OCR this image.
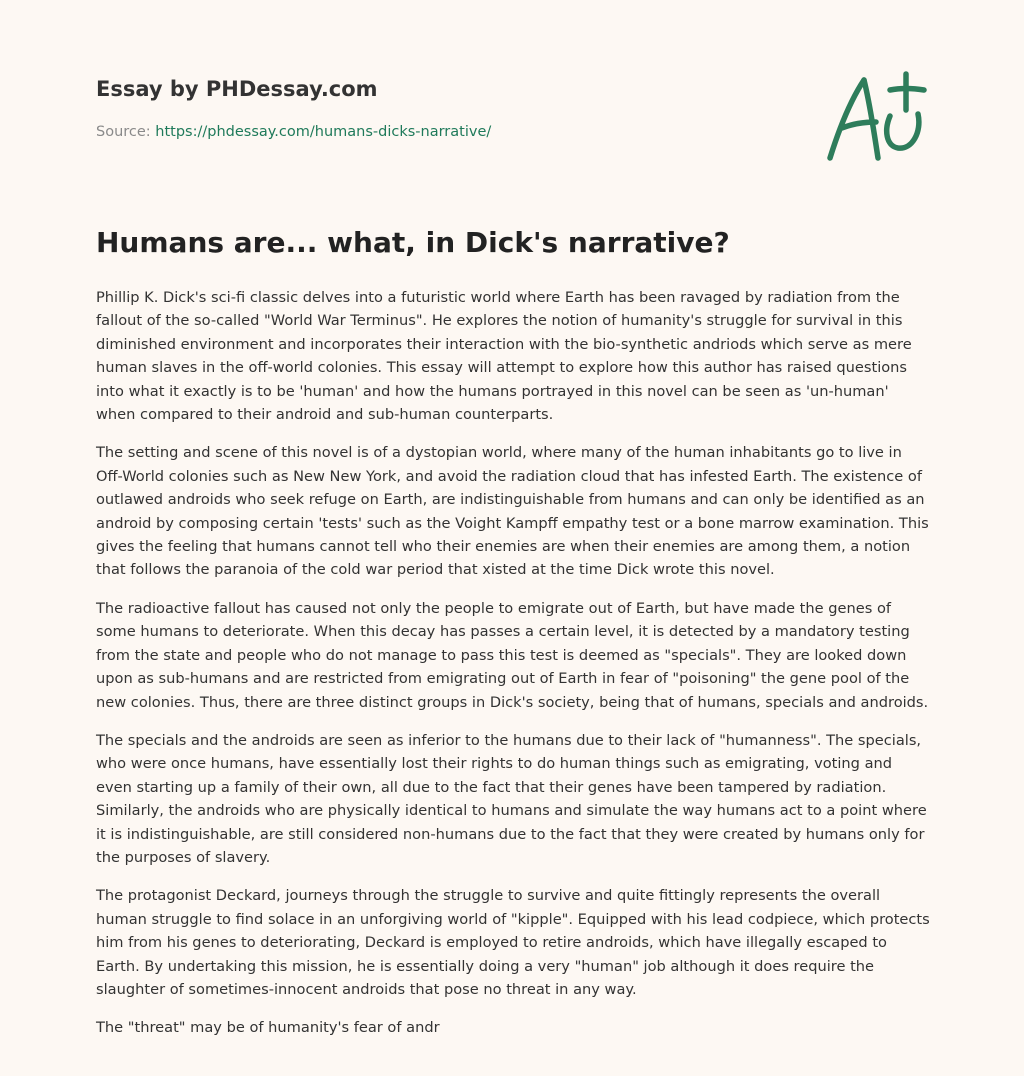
Essay by PHDessay.com
Source: https://phdessay.com/humans-dicks-narrative/
Humans are... what, in Dick's narrative?

Phillip K. Dick's sci-fi classic delves into a futuristic world where Earth has been ravaged by radiation from the fallout of the so-called "World War Terminus". He explores the notion of humanity's struggle for survival in this diminished environment and incorporates their interaction with the bio-synthetic andriods which serve as mere human slaves in the off-world colonies. This essay will attempt to explore how this author has raised questions into what it exactly is to be 'human' and how the humans portrayed in this novel can be seen as 'un-human' when compared to their android and sub-human counterparts.

The setting and scene of this novel is of a dystopian world, where many of the human inhabitants go to live in Off-World colonies such as New New York, and avoid the radiation cloud that has infested Earth. The existence of outlawed androids who seek refuge on Earth, are indistinguishable from humans and can only be identified as an android by composing certain 'tests' such as the Voight Kampff empathy test or a bone marrow examination. This gives the feeling that humans cannot tell who their enemies are when their enemies are among them, a notion that follows the paranoia of the cold war period that xisted at the time Dick wrote this novel.

The radioactive fallout has caused not only the people to emigrate out of Earth, but have made the genes of some humans to deteriorate. When this decay has passes a certain level, it is detected by a mandatory testing from the state and people who do not manage to pass this test is deemed as "specials". They are looked down upon as sub-humans and are restricted from emigrating out of Earth in fear of "poisoning" the gene pool of the new colonies. Thus, there are three distinct groups in Dick's society, being that of humans, specials and androids.

The specials and the androids are seen as inferior to the humans due to their lack of "humanness". The specials, who were once humans, have essentially lost their rights to do human things such as emigrating, voting and even starting up a family of their own, all due to the fact that their genes have been tampered by radiation. Similarly, the androids who are physically identical to humans and simulate the way humans act to a point where it is indistinguishable, are still considered non-humans due to the fact that they were created by humans only for the purposes of slavery.

The protagonist Deckard, journeys through the struggle to survive and quite fittingly represents the overall human struggle to find solace in an unforgiving world of "kipple". Equipped with his lead codpiece, which protects him from his genes to deteriorating, Deckard is employed to retire androids, which have illegally escaped to Earth. By undertaking this mission, he is essentially doing a very "human" job although it does require the slaughter of sometimes-innocent androids that pose no threat in any way.

The "threat" may be of humanity's fear of andr
